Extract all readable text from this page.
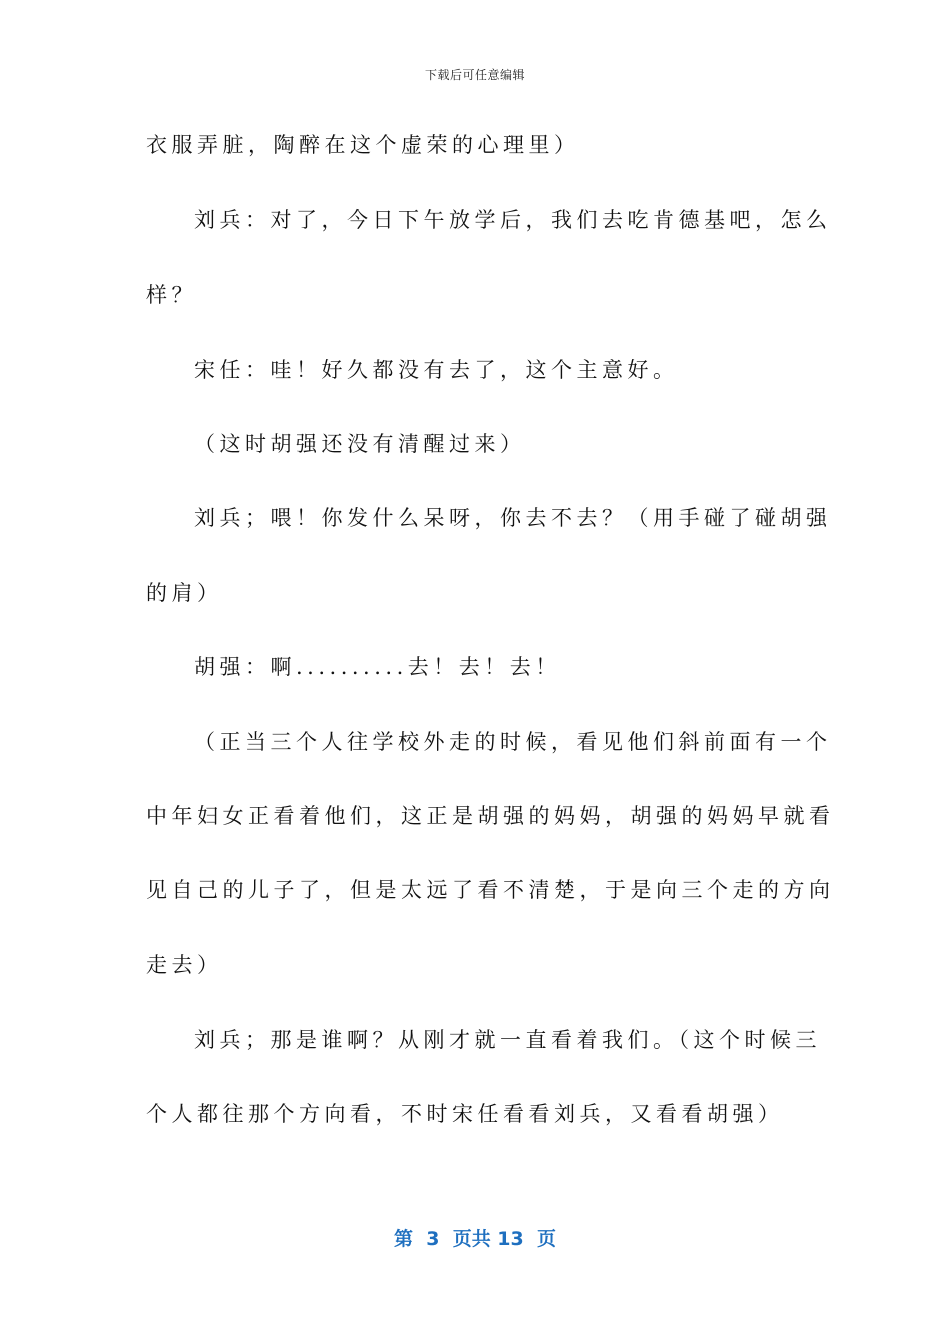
下载后可任意编辑
衣服弄脏，陶醉在这个虚荣的心理里）
刘兵：对了，今日下午放学后，我们去吃肯德基吧，怎么
样？
宋任：哇！好久都没有去了，这个主意好。
（这时胡强还没有清醒过来）
刘兵；喂！你发什么呆呀，你去不去？（用手碰了碰胡强
的肩）
胡强：啊..........去！去！去！
（正当三个人往学校外走的时候，看见他们斜前面有一个
中年妇女正看着他们，这正是胡强的妈妈，胡强的妈妈早就看
见自己的儿子了，但是太远了看不清楚，于是向三个走的方向
走去）
刘兵；那是谁啊？从刚才就一直看着我们。（这个时候三
个人都往那个方向看，不时宋任看看刘兵，又看看胡强）
第  3  页共 13  页
